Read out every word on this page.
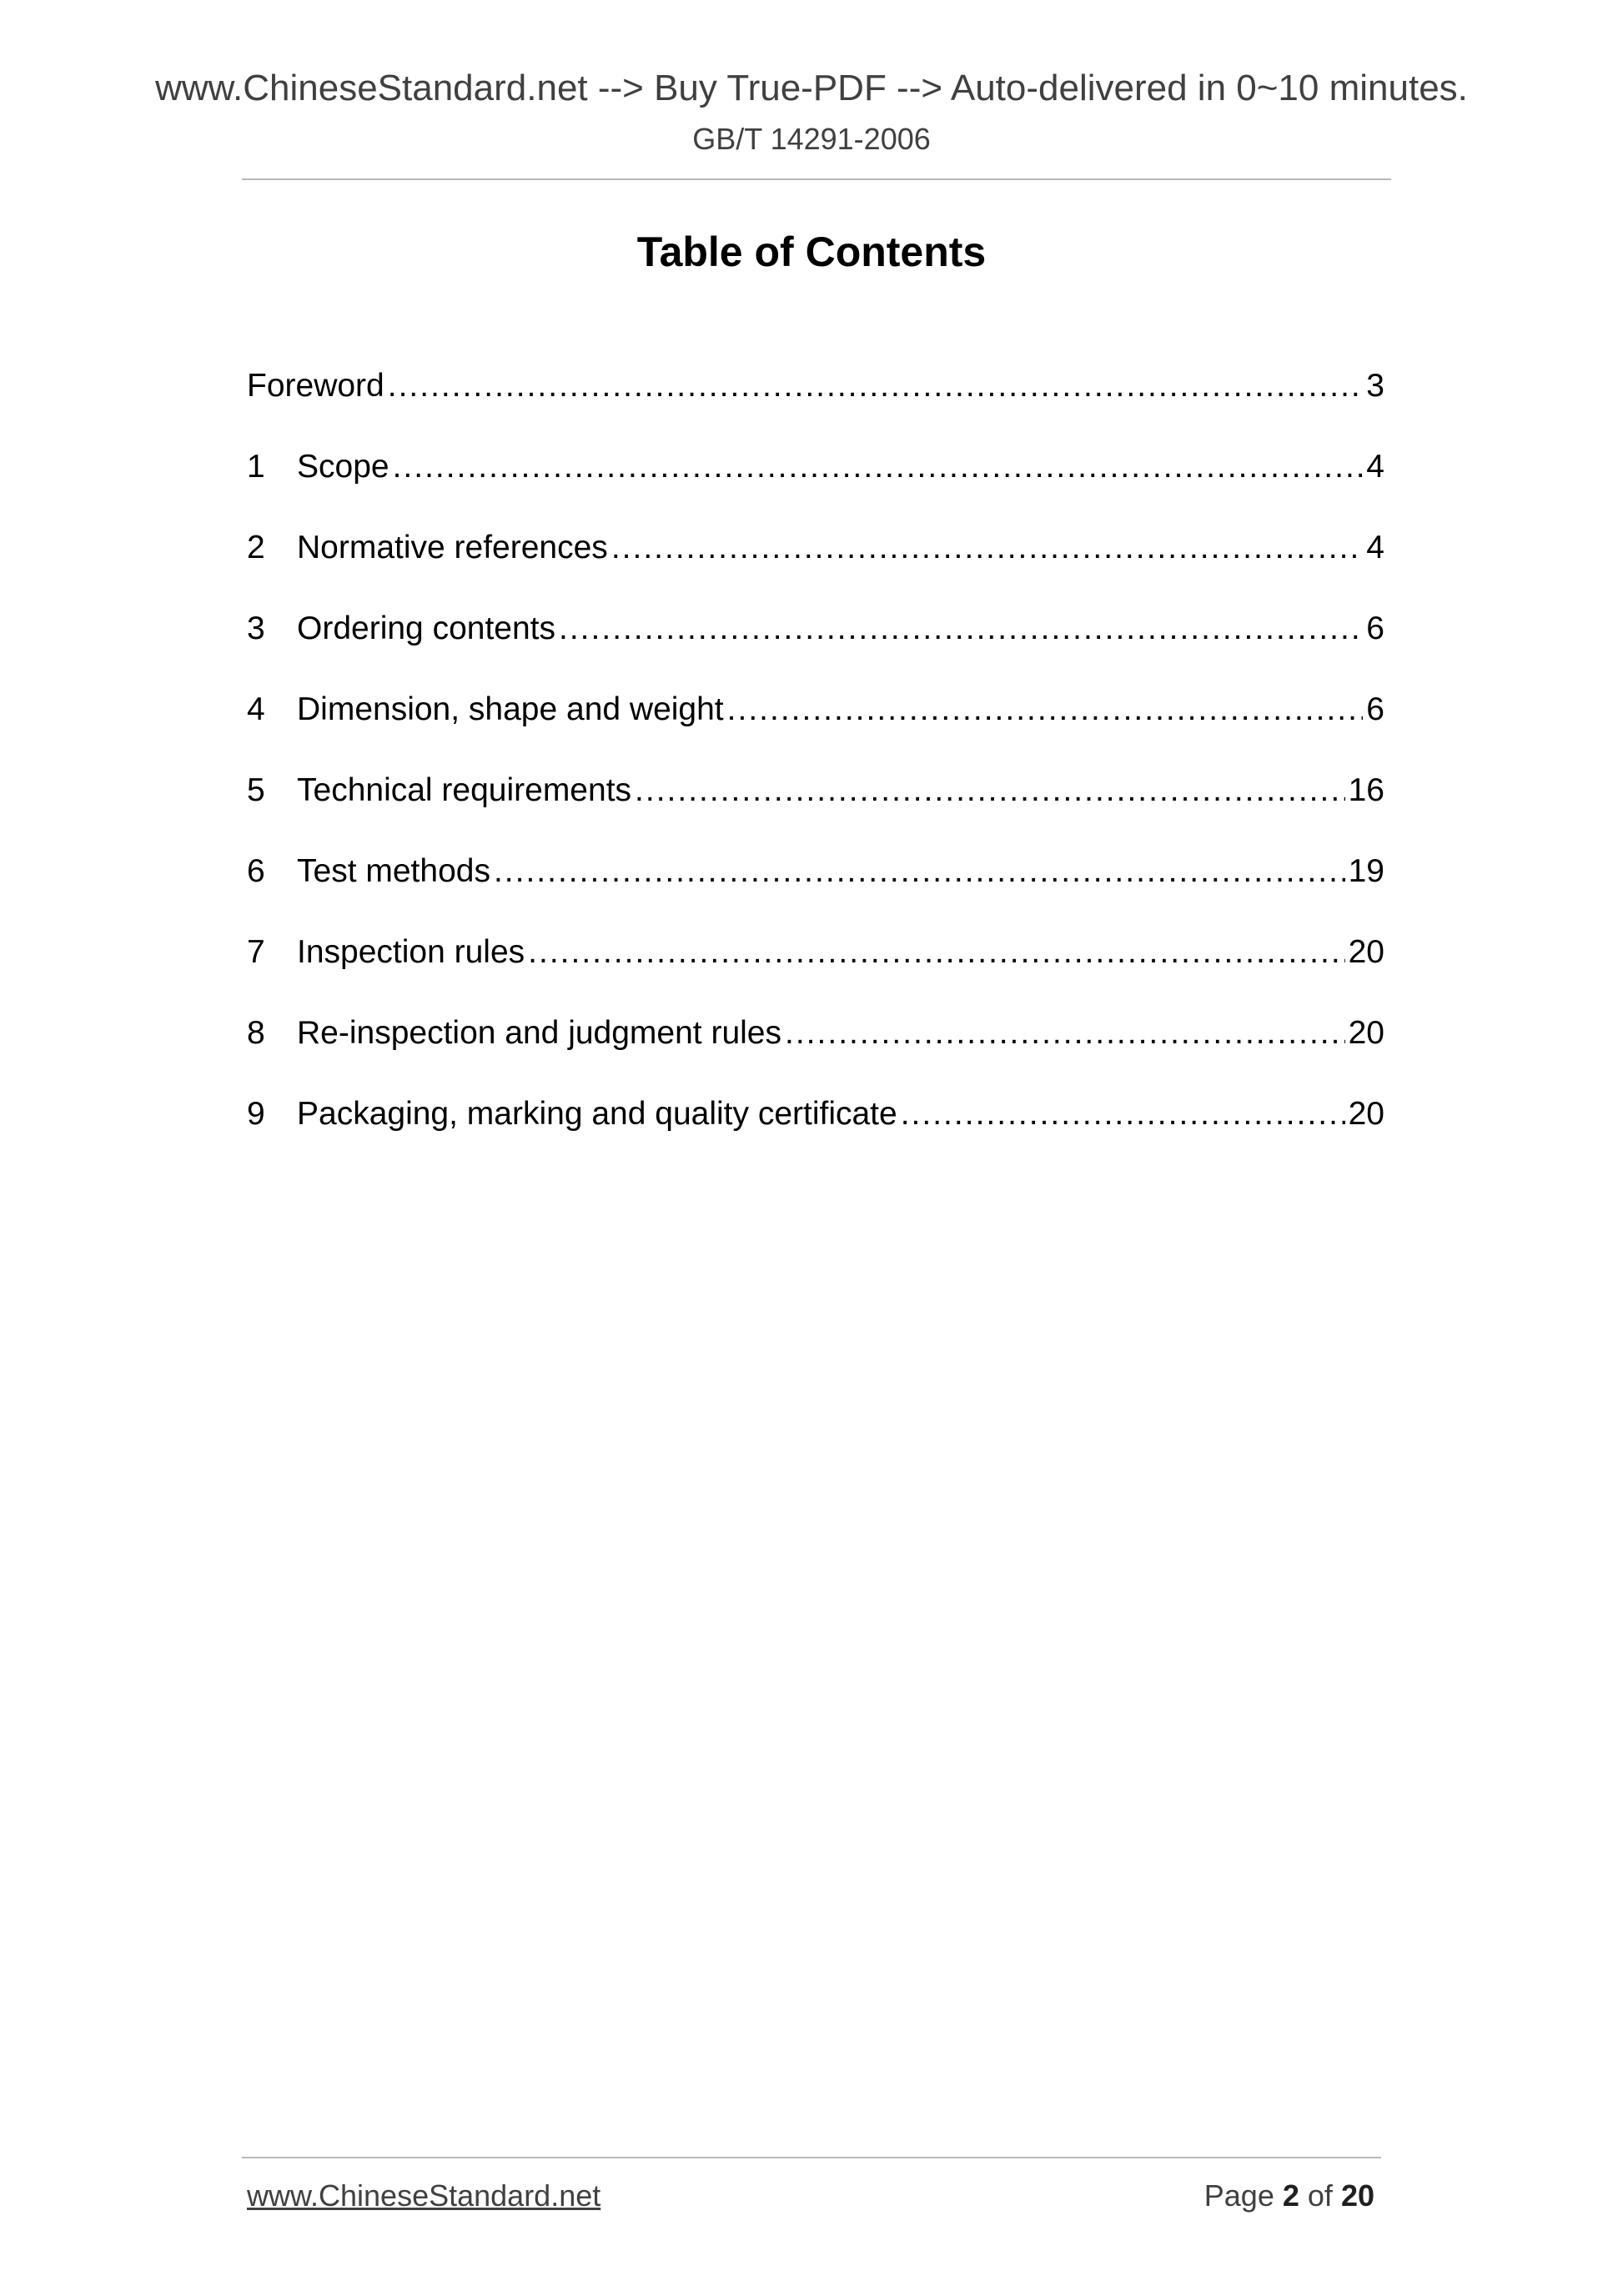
www.ChineseStandard.net --> Buy True-PDF --> Auto-delivered in 0~10 minutes.
GB/T 14291-2006
Table of Contents
Foreword .....	3
1 Scope .....	4
2 Normative references .....	4
3 Ordering contents .....	6
4 Dimension, shape and weight .....	6
5 Technical requirements .....	16
6 Test methods .....	19
7 Inspection rules .....	20
8 Re-inspection and judgment rules .....	20
9 Packaging, marking and quality certificate .....	20
www.ChineseStandard.net	Page 2 of 20
